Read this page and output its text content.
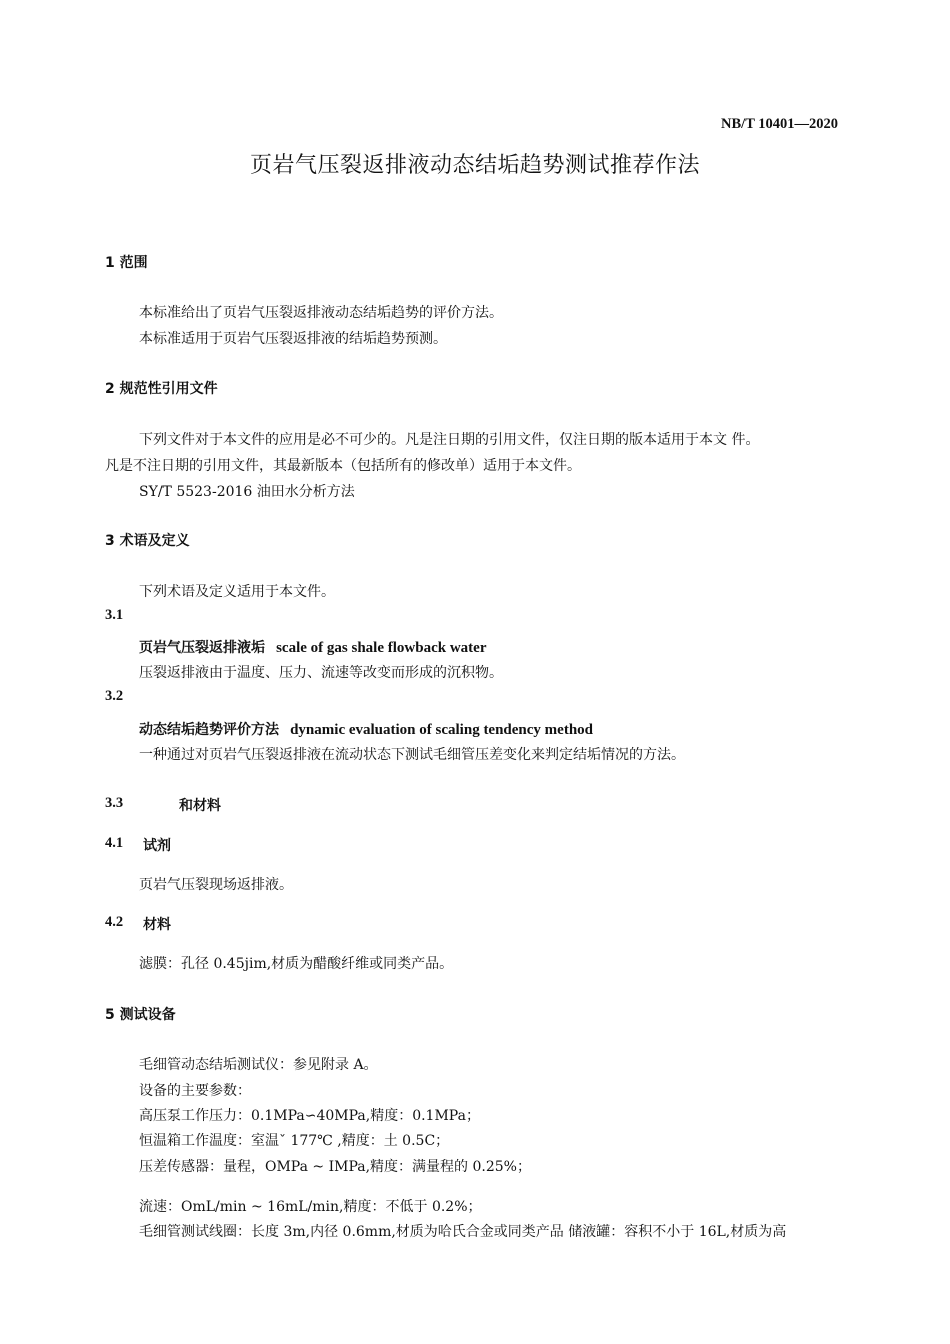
NB/T 10401—2020
页岩气压裂返排液动态结垢趋势测试推荐作法
1 范围
本标准给出了页岩气压裂返排液动态结垢趋势的评价方法。
本标准适用于页岩气压裂返排液的结垢趋势预测。
2 规范性引用文件
下列文件对于本文件的应用是必不可少的。凡是注日期的引用文件，仅注日期的版本适用于本文 件。
凡是不注日期的引用文件，其最新版本（包括所有的修改单）适用于本文件。
SY/T 5523-2016 油田水分析方法
3 术语及定义
下列术语及定义适用于本文件。
3.1
页岩气压裂返排液垢 scale of gas shale flowback water
压裂返排液由于温度、压力、流速等改变而形成的沉积物。
3.2
动态结垢趋势评价方法 dynamic evaluation of scaling tendency method
一种通过对页岩气压裂返排液在流动状态下测试毛细管压差变化来判定结垢情况的方法。
3.3	和材料
4.1 试剂
页岩气压裂现场返排液。
4.2 材料
滤膜：孔径 0.45jim,材质为醋酸纤维或同类产品。
5 测试设备
毛细管动态结垢测试仪：参见附录 A。
设备的主要参数：
高压泵工作压力：0.1MPa∽40MPa,精度：0.1MPa；
恒温箱工作温度：室温ˇ 177℃ ,精度：土 0.5C；
压差传感器：量程，OMPa ~ IMPa,精度：满量程的 0.25%；
流速：OmL/min ~ 16mL/min,精度：不低于 0.2%；
毛细管测试线圈：长度 3m,内径 0.6mm,材质为哈氏合金或同类产品 储液罐：容积不小于 16L,材质为高
